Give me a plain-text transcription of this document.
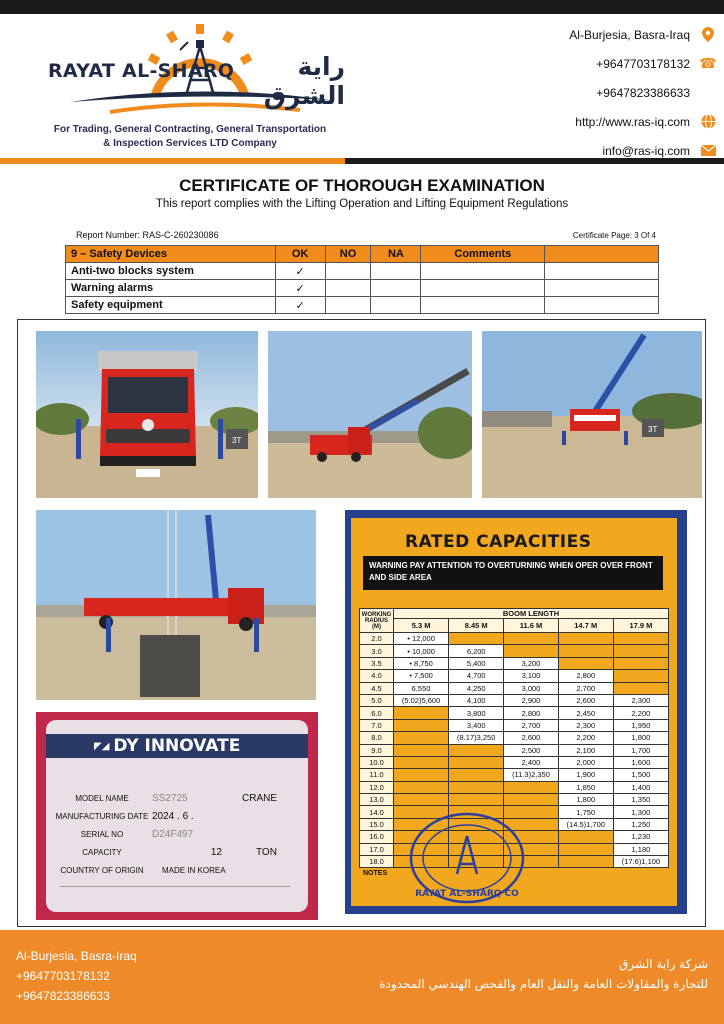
RAYAT AL-SHARQ	راية الشرق
For Trading, General Contracting, General Transportation
& Inspection Services LTD Company
Al-Burjesia, Basra-Iraq
+9647703178132 ☎
+9647823386633
http://www.ras-iq.com
info@ras-iq.com
CERTIFICATE OF THOROUGH EXAMINATION
This report complies with the Lifting Operation and Lifting Equipment Regulations
Report Number: RAS-C-260230086	Certificate Page: 3 Of 4
9 – Safety Devices	OK	NO	NA	Comments	
Anti-two blocks system	✓				
Warning alarms	✓				
Safety equipment	✓				
3T
3T
◤◢ DY INNOVATE
MODEL NAME	SS2725	CRANE
MANUFACTURING DATE 2024 . 6 .
SERIAL NO	D24F497
CAPACITY	12	TON
COUNTRY OF ORIGIN	MADE IN KOREA
RATED CAPACITIES
WARNING PAY ATTENTION TO OVERTURNING WHEN OPER OVER FRONT AND SIDE AREA
WORKING RADIUS (M)	BOOM LENGTH				
	5.3 M	8.45 M	11.6 M	14.7 M	17.9 M
2.0	• 12,000				
3.0	• 10,000	6,200			
3.5	• 8,750	5,400	3,200		
4.0	• 7,500	4,700	3,100	2,800	
4.5	6,550	4,250	3,000	2,700	
5.0	(5.02)5,600	4,100	2,900	2,600	2,300
6.0		3,800	2,800	2,450	2,200
7.0		3,400	2,700	2,300	1,950
8.0		(8.17)3,250	2,600	2,200	1,800
9.0			2,500	2,100	1,700
10.0			2,400	2,000	1,600
11.0			(11.3)2,350	1,900	1,500
12.0				1,850	1,400
13.0				1,800	1,350
14.0				1,750	1,300
15.0				(14.5)1,700	1,250
16.0					1,230
17.0					1,180
18.0					(17.6)1,100
NOTES
RAYAT AL-SHARQ CO
Al-Burjesia, Basra-Iraq
+9647703178132
+9647823386633
شركة راية الشرق
للتجارة والمقاولات العامة والنقل العام والفحص الهندسي المحدودة
